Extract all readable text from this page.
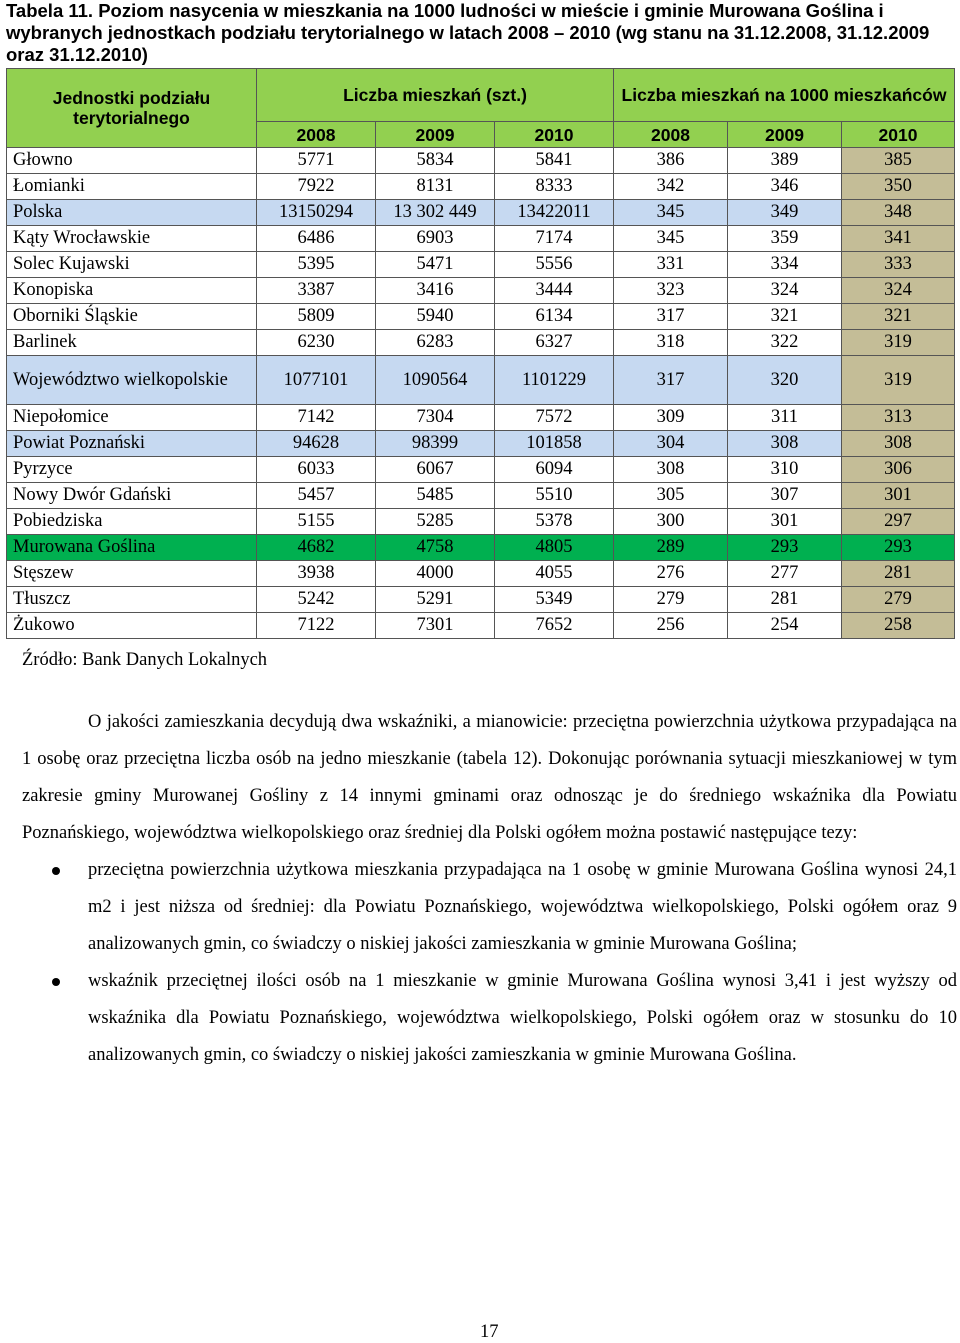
Tabela 11. Poziom nasycenia w mieszkania na 1000 ludności w mieście i gminie Murowana Goślina i wybranych jednostkach podziału terytorialnego w latach 2008 – 2010 (wg stanu na 31.12.2008, 31.12.2009 oraz 31.12.2010)
Jednostki podziału terytorialnego	Liczba mieszkań (szt.)			Liczba mieszkań na 1000 mieszkańców		
	2008	2009	2010	2008	2009	2010
Głowno	5771	5834	5841	386	389	385
Łomianki	7922	8131	8333	342	346	350
Polska	13150294	13 302 449	13422011	345	349	348
Kąty Wrocławskie	6486	6903	7174	345	359	341
Solec Kujawski	5395	5471	5556	331	334	333
Konopiska	3387	3416	3444	323	324	324
Oborniki Śląskie	5809	5940	6134	317	321	321
Barlinek	6230	6283	6327	318	322	319
Województwo wielkopolskie	1077101	1090564	1101229	317	320	319
Niepołomice	7142	7304	7572	309	311	313
Powiat Poznański	94628	98399	101858	304	308	308
Pyrzyce	6033	6067	6094	308	310	306
Nowy Dwór Gdański	5457	5485	5510	305	307	301
Pobiedziska	5155	5285	5378	300	301	297
Murowana Goślina	4682	4758	4805	289	293	293
Stęszew	3938	4000	4055	276	277	281
Tłuszcz	5242	5291	5349	279	281	279
Żukowo	7122	7301	7652	256	254	258
Źródło: Bank Danych Lokalnych

O jakości zamieszkania decydują dwa wskaźniki, a mianowicie: przeciętna powierzchnia użytkowa przypadająca na 1 osobę oraz przeciętna liczba osób na jedno mieszkanie (tabela 12). Dokonując porównania sytuacji mieszkaniowej w tym zakresie gminy Murowanej Gośliny z 14 innymi gminami oraz odnosząc je do średniego wskaźnika dla Powiatu Poznańskiego, województwa wielkopolskiego oraz średniej dla Polski ogółem można postawić następujące tezy:

przeciętna powierzchnia użytkowa mieszkania przypadająca na 1 osobę w gminie Murowana Goślina wynosi 24,1 m2 i jest niższa od średniej: dla Powiatu Poznańskiego, województwa wielkopolskiego, Polski ogółem oraz 9 analizowanych gmin, co świadczy o niskiej jakości zamieszkania w gminie Murowana Goślina;
wskaźnik przeciętnej ilości osób na 1 mieszkanie w gminie Murowana Goślina wynosi 3,41 i jest wyższy od wskaźnika dla Powiatu Poznańskiego, województwa wielkopolskiego, Polski ogółem oraz w stosunku do 10 analizowanych gmin, co świadczy o niskiej jakości zamieszkania w gminie Murowana Goślina.
17
